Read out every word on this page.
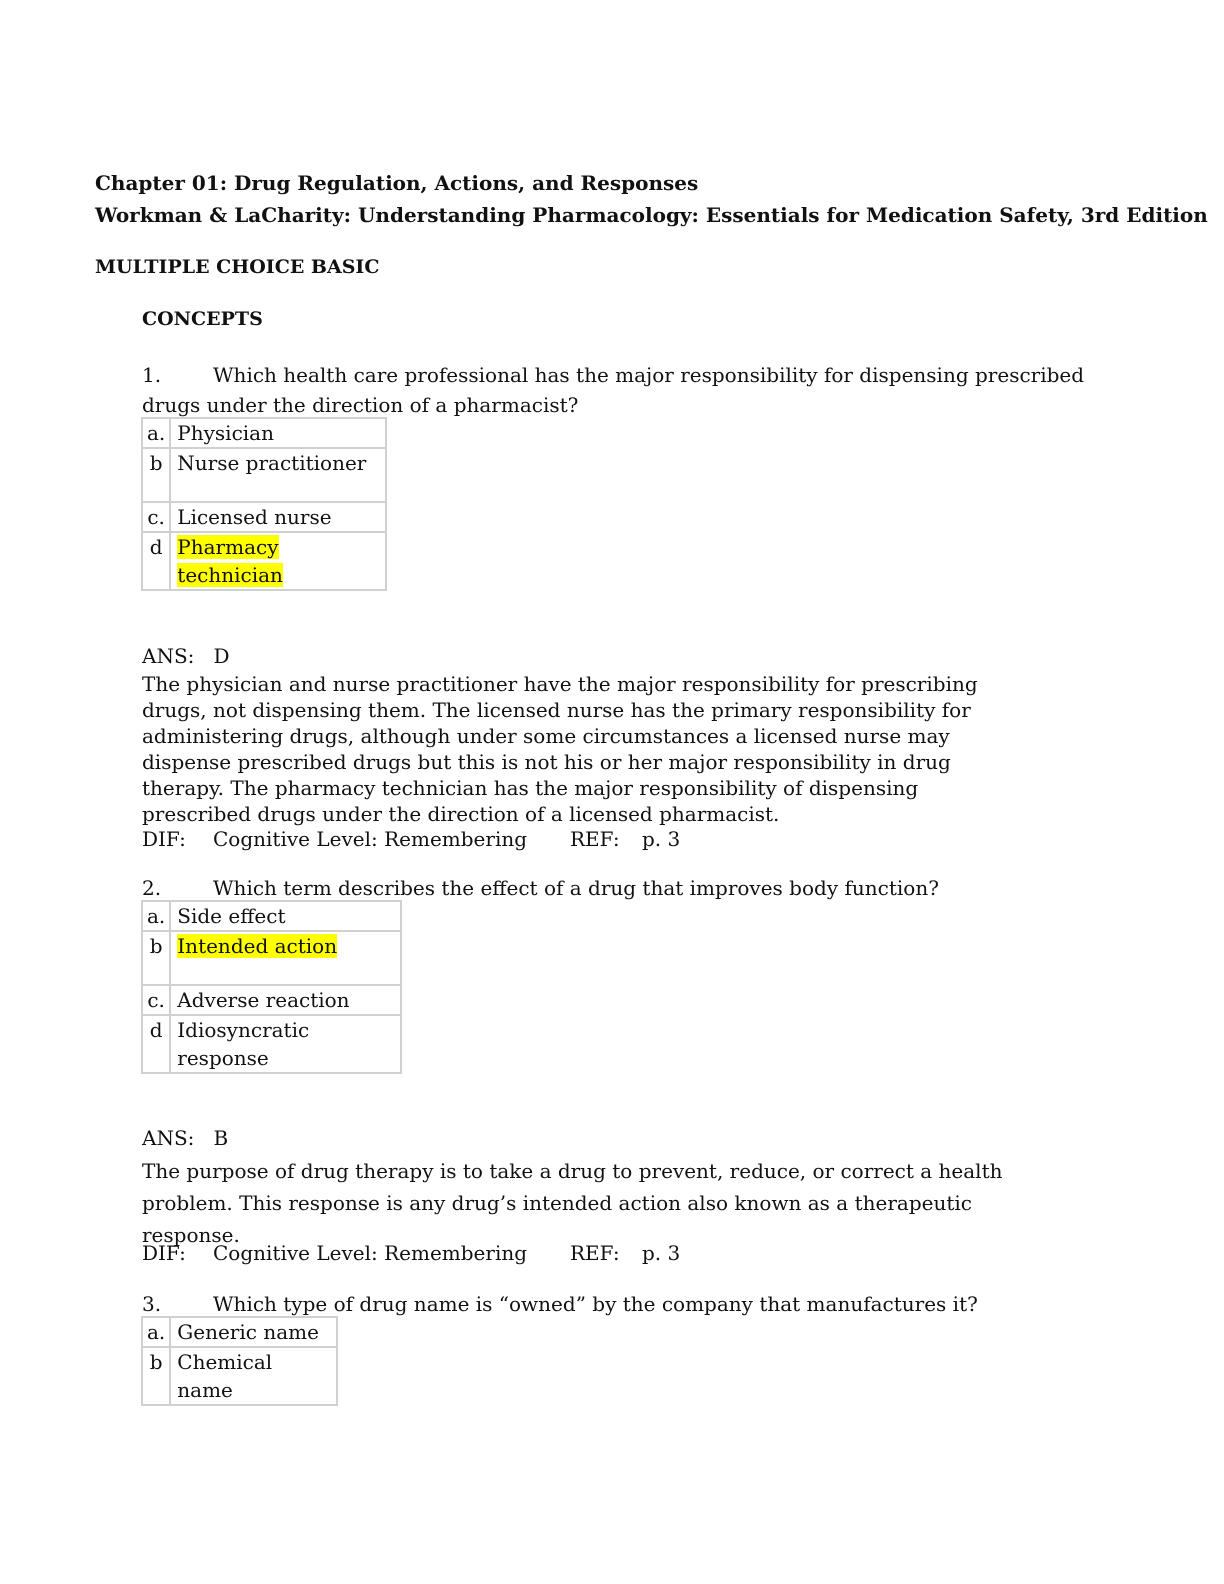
Chapter 01: Drug Regulation, Actions, and Responses
Workman & LaCharity: Understanding Pharmacology: Essentials for Medication Safety, 3rd Edition
MULTIPLE CHOICE BASIC
CONCEPTS
1.	Which health care professional has the major responsibility for dispensing prescribed
drugs under the direction of a pharmacist?
a.	Physician
b	Nurse practitioner
c.	Licensed nurse
d	Pharmacy technician
ANS: D
The physician and nurse practitioner have the major responsibility for prescribing drugs, not dispensing them. The licensed nurse has the primary responsibility for administering drugs, although under some circumstances a licensed nurse may dispense prescribed drugs but this is not his or her major responsibility in drug therapy. The pharmacy technician has the major responsibility of dispensing prescribed drugs under the direction of a licensed pharmacist.
DIF: Cognitive Level: Remembering REF: p. 3
2.	Which term describes the effect of a drug that improves body function?
a.	Side effect
b	Intended action
c.	Adverse reaction
d	Idiosyncratic response
ANS: B
The purpose of drug therapy is to take a drug to prevent, reduce, or correct a health problem. This response is any drug’s intended action also known as a therapeutic response.
DIF: Cognitive Level: Remembering REF: p. 3
3.	Which type of drug name is “owned” by the company that manufactures it?
a.	Generic name
b	Chemical name
